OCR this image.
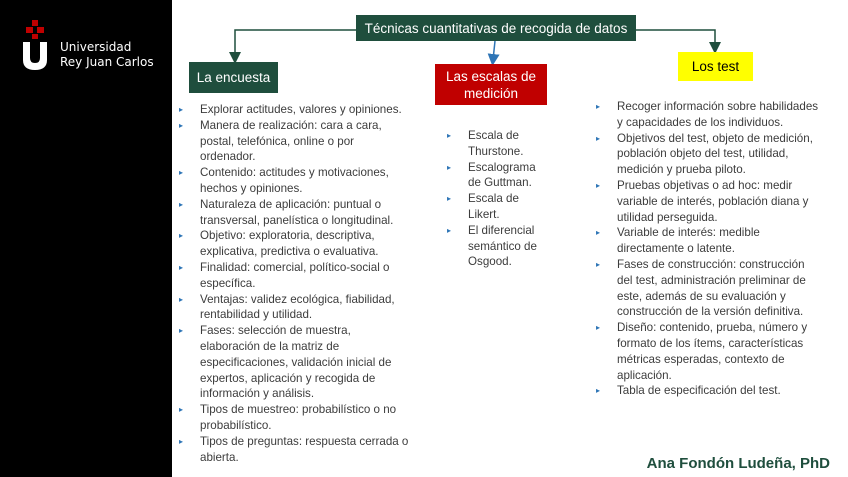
Universidad
Rey Juan Carlos
Técnicas cuantitativas de recogida de datos
La encuesta	Las escalas de medición
Los test
▸ Explorar actitudes, valores y opiniones.
▸ Manera de realización: cara a cara, postal, telefónica, online o por ordenador.
▸ Contenido: actitudes y motivaciones, hechos y opiniones.
▸ Naturaleza de aplicación: puntual o transversal, panelística o longitudinal.
▸ Objetivo: exploratoria, descriptiva, explicativa, predictiva o evaluativa.
▸ Finalidad: comercial, político-social o específica.
▸ Ventajas: validez ecológica, fiabilidad, rentabilidad y utilidad.
▸ Fases: selección de muestra, elaboración de la matriz de especificaciones, validación inicial de expertos, aplicación y recogida de información y análisis.
▸ Tipos de muestreo: probabilístico o no probabilístico.
▸ Tipos de preguntas: respuesta cerrada o abierta.
▸ Escala de Thurstone.
▸ Escalograma de Guttman.
▸ Escala de Likert.
▸ El diferencial semántico de Osgood.
▸ Recoger información sobre habilidades y capacidades de los individuos.
▸ Objetivos del test, objeto de medición, población objeto del test, utilidad, medición y prueba piloto.
▸ Pruebas objetivas o ad hoc: medir variable de interés, población diana y utilidad perseguida.
▸ Variable de interés: medible directamente o latente.
▸ Fases de construcción: construcción del test, administración preliminar de este, además de su evaluación y construcción de la versión definitiva.
▸ Diseño: contenido, prueba, número y formato de los ítems, características métricas esperadas, contexto de aplicación.
▸ Tabla de especificación del test.
Ana Fondón Ludeña, PhD
